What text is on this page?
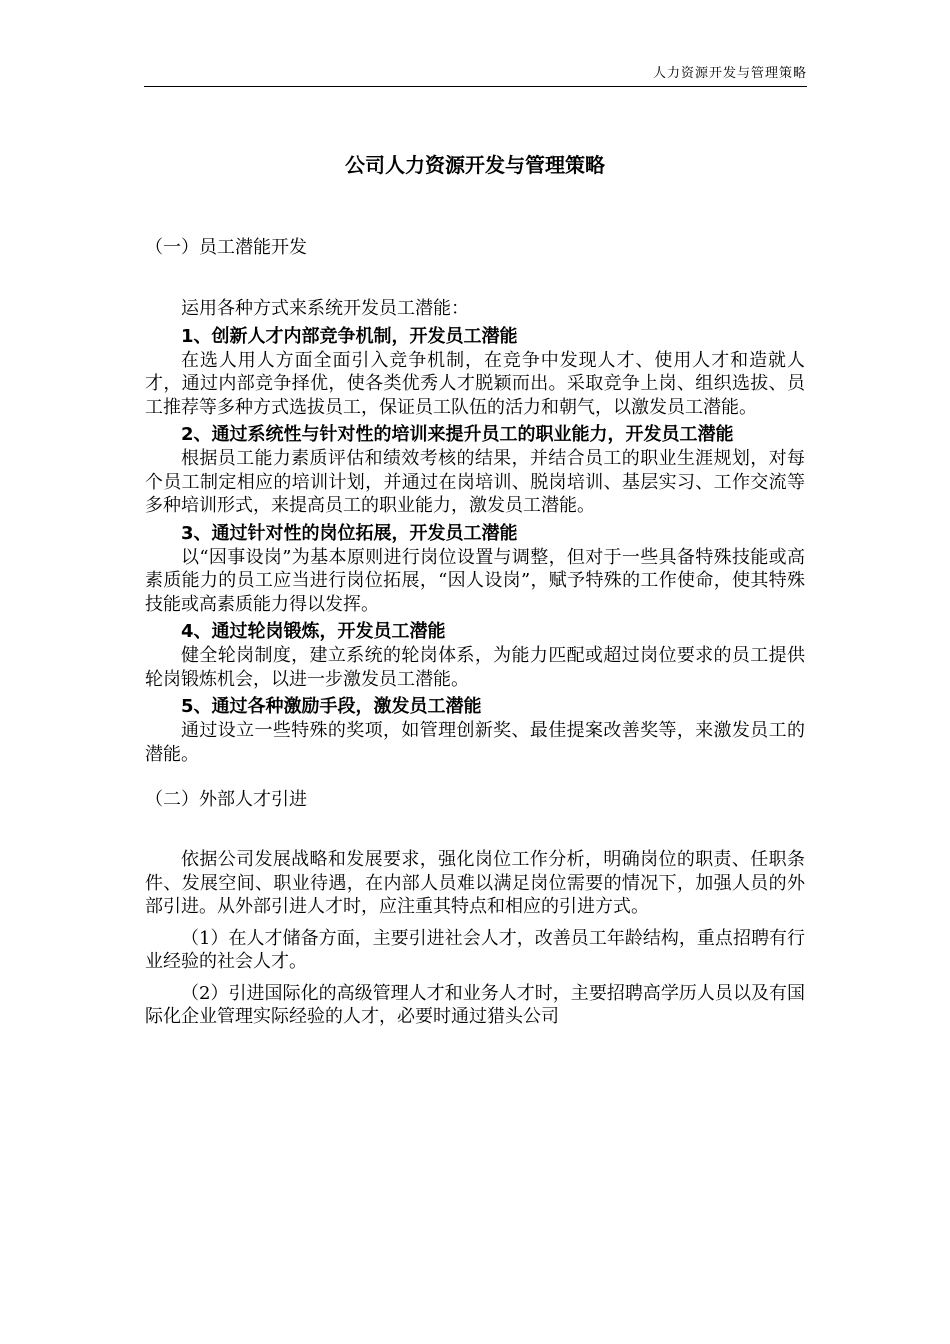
人力资源开发与管理策略
公司人力资源开发与管理策略
（一）员工潜能开发

运用各种方式来系统开发员工潜能：

1、创新人才内部竞争机制，开发员工潜能

在选人用人方面全面引入竞争机制，在竞争中发现人才、使用人才和造就人才，通过内部竞争择优，使各类优秀人才脱颖而出。采取竞争上岗、组织选拔、员工推荐等多种方式选拔员工，保证员工队伍的活力和朝气，以激发员工潜能。

2、通过系统性与针对性的培训来提升员工的职业能力，开发员工潜能

根据员工能力素质评估和绩效考核的结果，并结合员工的职业生涯规划，对每个员工制定相应的培训计划，并通过在岗培训、脱岗培训、基层实习、工作交流等多种培训形式，来提高员工的职业能力，激发员工潜能。

3、通过针对性的岗位拓展，开发员工潜能

以“因事设岗”为基本原则进行岗位设置与调整，但对于一些具备特殊技能或高素质能力的员工应当进行岗位拓展，“因人设岗”，赋予特殊的工作使命，使其特殊技能或高素质能力得以发挥。

4、通过轮岗锻炼，开发员工潜能

健全轮岗制度，建立系统的轮岗体系，为能力匹配或超过岗位要求的员工提供轮岗锻炼机会，以进一步激发员工潜能。

5、通过各种激励手段，激发员工潜能

通过设立一些特殊的奖项，如管理创新奖、最佳提案改善奖等，来激发员工的潜能。

（二）外部人才引进

依据公司发展战略和发展要求，强化岗位工作分析，明确岗位的职责、任职条件、发展空间、职业待遇，在内部人员难以满足岗位需要的情况下，加强人员的外部引进。从外部引进人才时，应注重其特点和相应的引进方式。

（1）在人才储备方面，主要引进社会人才，改善员工年龄结构，重点招聘有行业经验的社会人才。

（2）引进国际化的高级管理人才和业务人才时，主要招聘高学历人员以及有国际化企业管理实际经验的人才，必要时通过猎头公司
